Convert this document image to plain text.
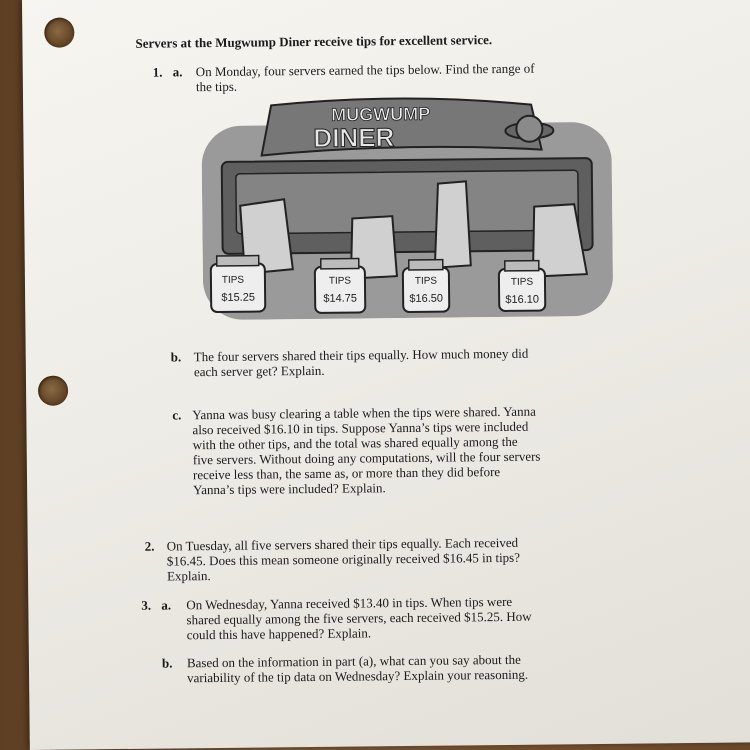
Servers at the Mugwump Diner receive tips for excellent service.
1. a. On Monday, four servers earned the tips below. Find the range of
the tips.
MUGWUMP
DINER
TIPS
$15.25
TIPS
$14.75
TIPS
$16.50
TIPS
$16.10
b. The four servers shared their tips equally. How much money did
each server get? Explain.
c. Yanna was busy clearing a table when the tips were shared. Yanna
also received $16.10 in tips. Suppose Yanna’s tips were included
with the other tips, and the total was shared equally among the
five servers. Without doing any computations, will the four servers
receive less than, the same as, or more than they did before
Yanna’s tips were included? Explain.
2. On Tuesday, all five servers shared their tips equally. Each received
$16.45. Does this mean someone originally received $16.45 in tips?
Explain.
3. a. On Wednesday, Yanna received $13.40 in tips. When tips were
shared equally among the five servers, each received $15.25. How
could this have happened? Explain.
b. Based on the information in part (a), what can you say about the
variability of the tip data on Wednesday? Explain your reasoning.
